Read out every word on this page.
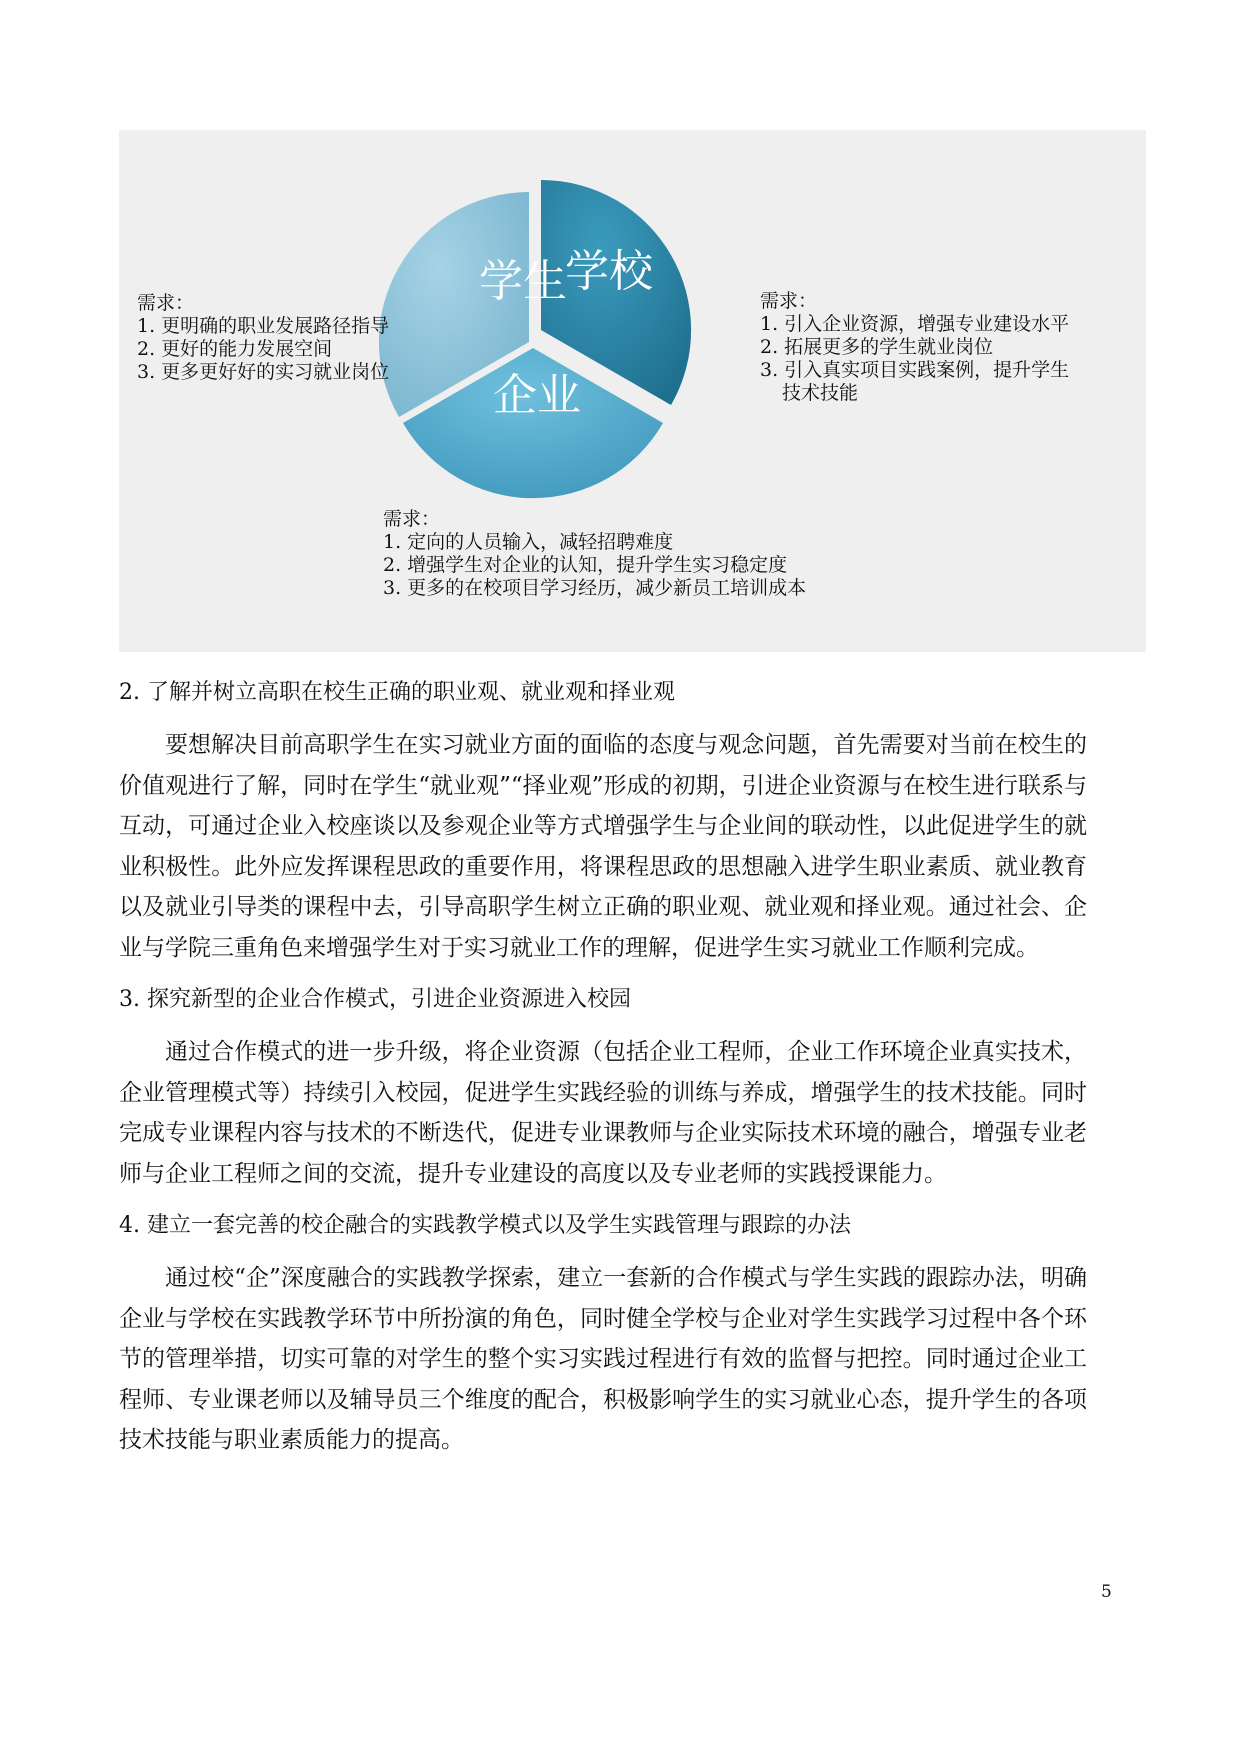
学生
学校
企业
需求：
1. 更明确的职业发展路径指导
2. 更好的能力发展空间
3. 更多更好好的实习就业岗位
需求：
1. 引入企业资源，增强专业建设水平
2. 拓展更多的学生就业岗位
3. 引入真实项目实践案例，提升学生
技术技能
需求：
1. 定向的人员输入，减轻招聘难度
2. 增强学生对企业的认知，提升学生实习稳定度
3. 更多的在校项目学习经历，减少新员工培训成本
2. 了解并树立高职在校生正确的职业观、就业观和择业观

要想解决目前高职学生在实习就业方面的面临的态度与观念问题，首先需要对当前在校生的价值观进行了解，同时在学生“就业观”“择业观”形成的初期，引进企业资源与在校生进行联系与互动，可通过企业入校座谈以及参观企业等方式增强学生与企业间的联动性，以此促进学生的就业积极性。此外应发挥课程思政的重要作用，将课程思政的思想融入进学生职业素质、就业教育以及就业引导类的课程中去，引导高职学生树立正确的职业观、就业观和择业观。通过社会、企业与学院三重角色来增强学生对于实习就业工作的理解，促进学生实习就业工作顺利完成。

3. 探究新型的企业合作模式，引进企业资源进入校园

通过合作模式的进一步升级，将企业资源（包括企业工程师，企业工作环境企业真实技术，企业管理模式等）持续引入校园，促进学生实践经验的训练与养成，增强学生的技术技能。同时完成专业课程内容与技术的不断迭代，促进专业课教师与企业实际技术环境的融合，增强专业老师与企业工程师之间的交流，提升专业建设的高度以及专业老师的实践授课能力。

4. 建立一套完善的校企融合的实践教学模式以及学生实践管理与跟踪的办法

通过校“企”深度融合的实践教学探索，建立一套新的合作模式与学生实践的跟踪办法，明确企业与学校在实践教学环节中所扮演的角色，同时健全学校与企业对学生实践学习过程中各个环节的管理举措，切实可靠的对学生的整个实习实践过程进行有效的监督与把控。同时通过企业工程师、专业课老师以及辅导员三个维度的配合，积极影响学生的实习就业心态，提升学生的各项技术技能与职业素质能力的提高。

5
